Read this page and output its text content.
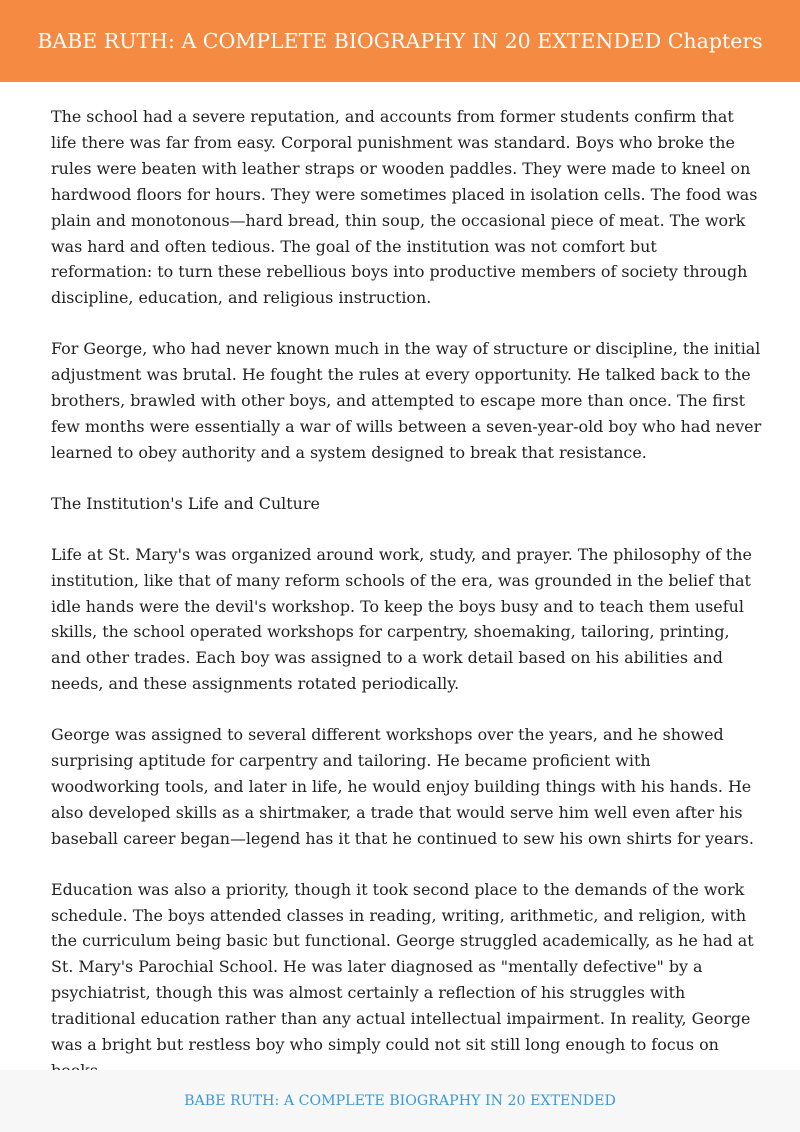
BABE RUTH: A COMPLETE BIOGRAPHY IN 20 EXTENDED Chapters

The school had a severe reputation, and accounts from former students confirm that life there was far from easy. Corporal punishment was standard. Boys who broke the rules were beaten with leather straps or wooden paddles. They were made to kneel on hardwood floors for hours. They were sometimes placed in isolation cells. The food was plain and monotonous—hard bread, thin soup, the occasional piece of meat. The work was hard and often tedious. The goal of the institution was not comfort but reformation: to turn these rebellious boys into productive members of society through discipline, education, and religious instruction.

For George, who had never known much in the way of structure or discipline, the initial adjustment was brutal. He fought the rules at every opportunity. He talked back to the brothers, brawled with other boys, and attempted to escape more than once. The first few months were essentially a war of wills between a seven-year-old boy who had never learned to obey authority and a system designed to break that resistance.

The Institution's Life and Culture

Life at St. Mary's was organized around work, study, and prayer. The philosophy of the institution, like that of many reform schools of the era, was grounded in the belief that idle hands were the devil's workshop. To keep the boys busy and to teach them useful skills, the school operated workshops for carpentry, shoemaking, tailoring, printing, and other trades. Each boy was assigned to a work detail based on his abilities and needs, and these assignments rotated periodically.

George was assigned to several different workshops over the years, and he showed surprising aptitude for carpentry and tailoring. He became proficient with woodworking tools, and later in life, he would enjoy building things with his hands. He also developed skills as a shirtmaker, a trade that would serve him well even after his baseball career began—legend has it that he continued to sew his own shirts for years.

Education was also a priority, though it took second place to the demands of the work schedule. The boys attended classes in reading, writing, arithmetic, and religion, with the curriculum being basic but functional. George struggled academically, as he had at St. Mary's Parochial School. He was later diagnosed as "mentally defective" by a psychiatrist, though this was almost certainly a reflection of his struggles with traditional education rather than any actual intellectual impairment. In reality, George was a bright but restless boy who simply could not sit still long enough to focus on

BABE RUTH: A COMPLETE BIOGRAPHY IN 20 EXTENDED
